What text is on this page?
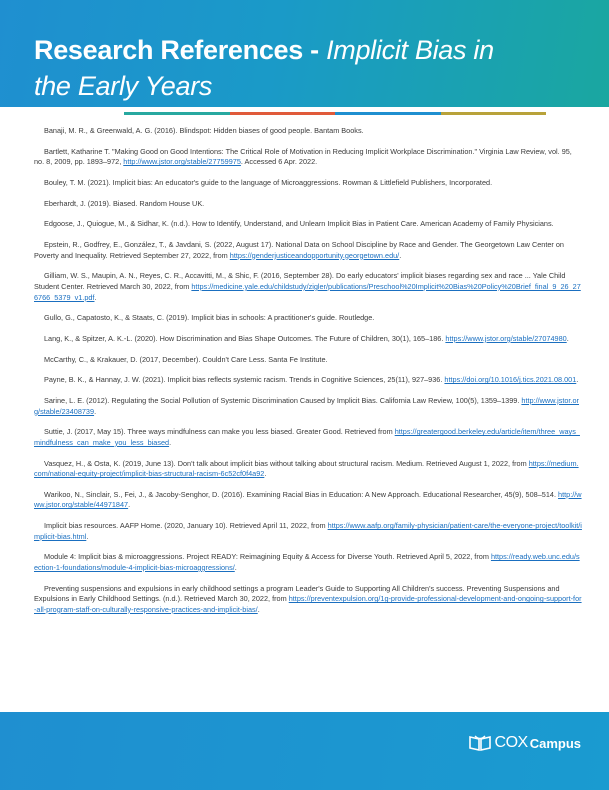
Research References - Implicit Bias in
the Early Years

Banaji, M. R., & Greenwald, A. G. (2016). Blindspot: Hidden biases of good people. Bantam Books.

Bartlett, Katharine T. "Making Good on Good Intentions: The Critical Role of Motivation in Reducing Implicit Workplace Discrimination." Virginia Law Review, vol. 95, no. 8, 2009, pp. 1893–972, http://www.jstor.org/stable/27759975. Accessed 6 Apr. 2022.

Bouley, T. M. (2021). Implicit bias: An educator's guide to the language of Microaggressions. Rowman & Littlefield Publishers, Incorporated.

Eberhardt, J. (2019). Biased. Random House UK.

Edgoose, J., Quiogue, M., & Sidhar, K. (n.d.). How to Identify, Understand, and Unlearn Implicit Bias in Patient Care. American Academy of Family Physicians.

Epstein, R., Godfrey, E., González, T., & Javdani, S. (2022, August 17). National Data on School Discipline by Race and Gender. The Georgetown Law Center on Poverty and Inequality. Retrieved September 27, 2022, from https://genderjusticeandopportunity.georgetown.edu/.

Gilliam, W. S., Maupin, A. N., Reyes, C. R., Accavitti, M., & Shic, F. (2016, September 28). Do early educators' implicit biases regarding sex and race ... Yale Child Student Center. Retrieved March 30, 2022, from https://medicine.yale.edu/childstudy/zigler/publications/Preschool%20Implicit%20Bias%20Policy%20Brief_final_9_26_276766_5379_v1.pdf.

Gullo, G., Capatosto, K., & Staats, C. (2019). Implicit bias in schools: A practitioner's guide. Routledge.

Lang, K., & Spitzer, A. K.-L. (2020). How Discrimination and Bias Shape Outcomes. The Future of Children, 30(1), 165–186. https://www.jstor.org/stable/27074980.

McCarthy, C., & Krakauer, D. (2017, December). Couldn't Care Less. Santa Fe Institute.

Payne, B. K., & Hannay, J. W. (2021). Implicit bias reflects systemic racism. Trends in Cognitive Sciences, 25(11), 927–936. https://doi.org/10.1016/j.tics.2021.08.001.

Sarine, L. E. (2012). Regulating the Social Pollution of Systemic Discrimination Caused by Implicit Bias. California Law Review, 100(5), 1359–1399. http://www.jstor.org/stable/23408739.

Suttie, J. (2017, May 15). Three ways mindfulness can make you less biased. Greater Good. Retrieved from https://greatergood.berkeley.edu/article/item/three_ways_mindfulness_can_make_you_less_biased.

Vasquez, H., & Osta, K. (2019, June 13). Don't talk about implicit bias without talking about structural racism. Medium. Retrieved August 1, 2022, from https://medium.com/national-equity-project/implicit-bias-structural-racism-6c52cf0f4a92.

Warikoo, N., Sinclair, S., Fei, J., & Jacoby-Senghor, D. (2016). Examining Racial Bias in Education: A New Approach. Educational Researcher, 45(9), 508–514. http://www.jstor.org/stable/44971847.

Implicit bias resources. AAFP Home. (2020, January 10). Retrieved April 11, 2022, from https://www.aafp.org/family-physician/patient-care/the-everyone-project/toolkit/implicit-bias.html.

Module 4: Implicit bias & microaggressions. Project READY: Reimagining Equity & Access for Diverse Youth. Retrieved April 5, 2022, from https://ready.web.unc.edu/section-1-foundations/module-4-implicit-bias-microaggressions/.

Preventing suspensions and expulsions in early childhood settings a program Leader's Guide to Supporting All Children's success. Preventing Suspensions and Expulsions in Early Childhood Settings. (n.d.). Retrieved March 30, 2022, from https://preventexpulsion.org/1g-provide-professional-development-and-ongoing-support-for-all-program-staff-on-culturally-responsive-practices-and-implicit-bias/.

COX Campus
